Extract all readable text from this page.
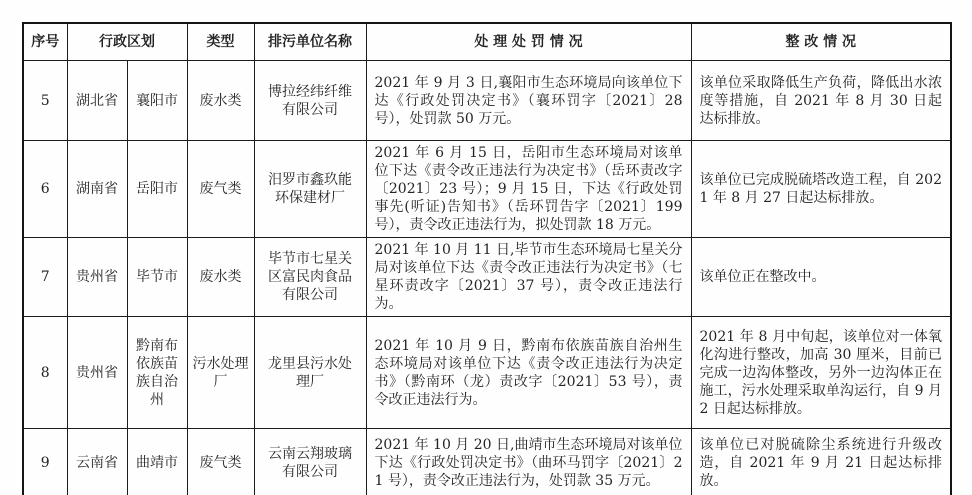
序号	行政区划		类型	排污单位名称	处 理 处 罚 情 况	整 改 情 况
5	湖北省	襄阳市	废水类	博拉经纬纤维有限公司	2021 年 9 月 3 日,襄阳市生态环境局向该单位下达《行政处罚决定书》（襄环罚字〔2021〕28 号），处罚款 50 万元。	该单位采取降低生产负荷，降低出水浓度等措施，自 2021 年 8 月 30 日起达标排放。
6	湖南省	岳阳市	废气类	汨罗市鑫玖能环保建材厂	2021 年 6 月 15 日，岳阳市生态环境局对该单位下达《责令改正违法行为决定书》（岳环责改字〔2021〕23 号）；9 月 15 日，下达《行政处罚事先(听证)告知书》（岳环罚告字〔2021〕199 号），责令改正违法行为，拟处罚款 18 万元。	该单位已完成脱硫塔改造工程，自 2021 年 8 月 27 日起达标排放。
7	贵州省	毕节市	废水类	毕节市七星关区富民肉食品有限公司	2021 年 10 月 11 日,毕节市生态环境局七星关分局对该单位下达《责令改正违法行为决定书》（七星环责改字〔2021〕37 号），责令改正违法行为。	该单位正在整改中。
8	贵州省	黔南布依族苗族自治州	污水处理厂	龙里县污水处理厂	2021 年 10 月 9 日，黔南布依族苗族自治州生态环境局对该单位下达《责令改正违法行为决定书》（黔南环（龙）责改字〔2021〕53 号），责令改正违法行为。	2021 年 8 月中旬起，该单位对一体氧化沟进行整改，加高 30 厘米，目前已完成一边沟体整改，另外一边沟体正在施工，污水处理采取单沟运行，自 9 月 2 日起达标排放。
9	云南省	曲靖市	废气类	云南云翔玻璃有限公司	2021 年 10 月 20 日,曲靖市生态环境局对该单位下达《行政处罚决定书》（曲环马罚字〔2021〕21 号），责令改正违法行为，处罚款 35 万元。	该单位已对脱硫除尘系统进行升级改造，自 2021 年 9 月 21 日起达标排放。
